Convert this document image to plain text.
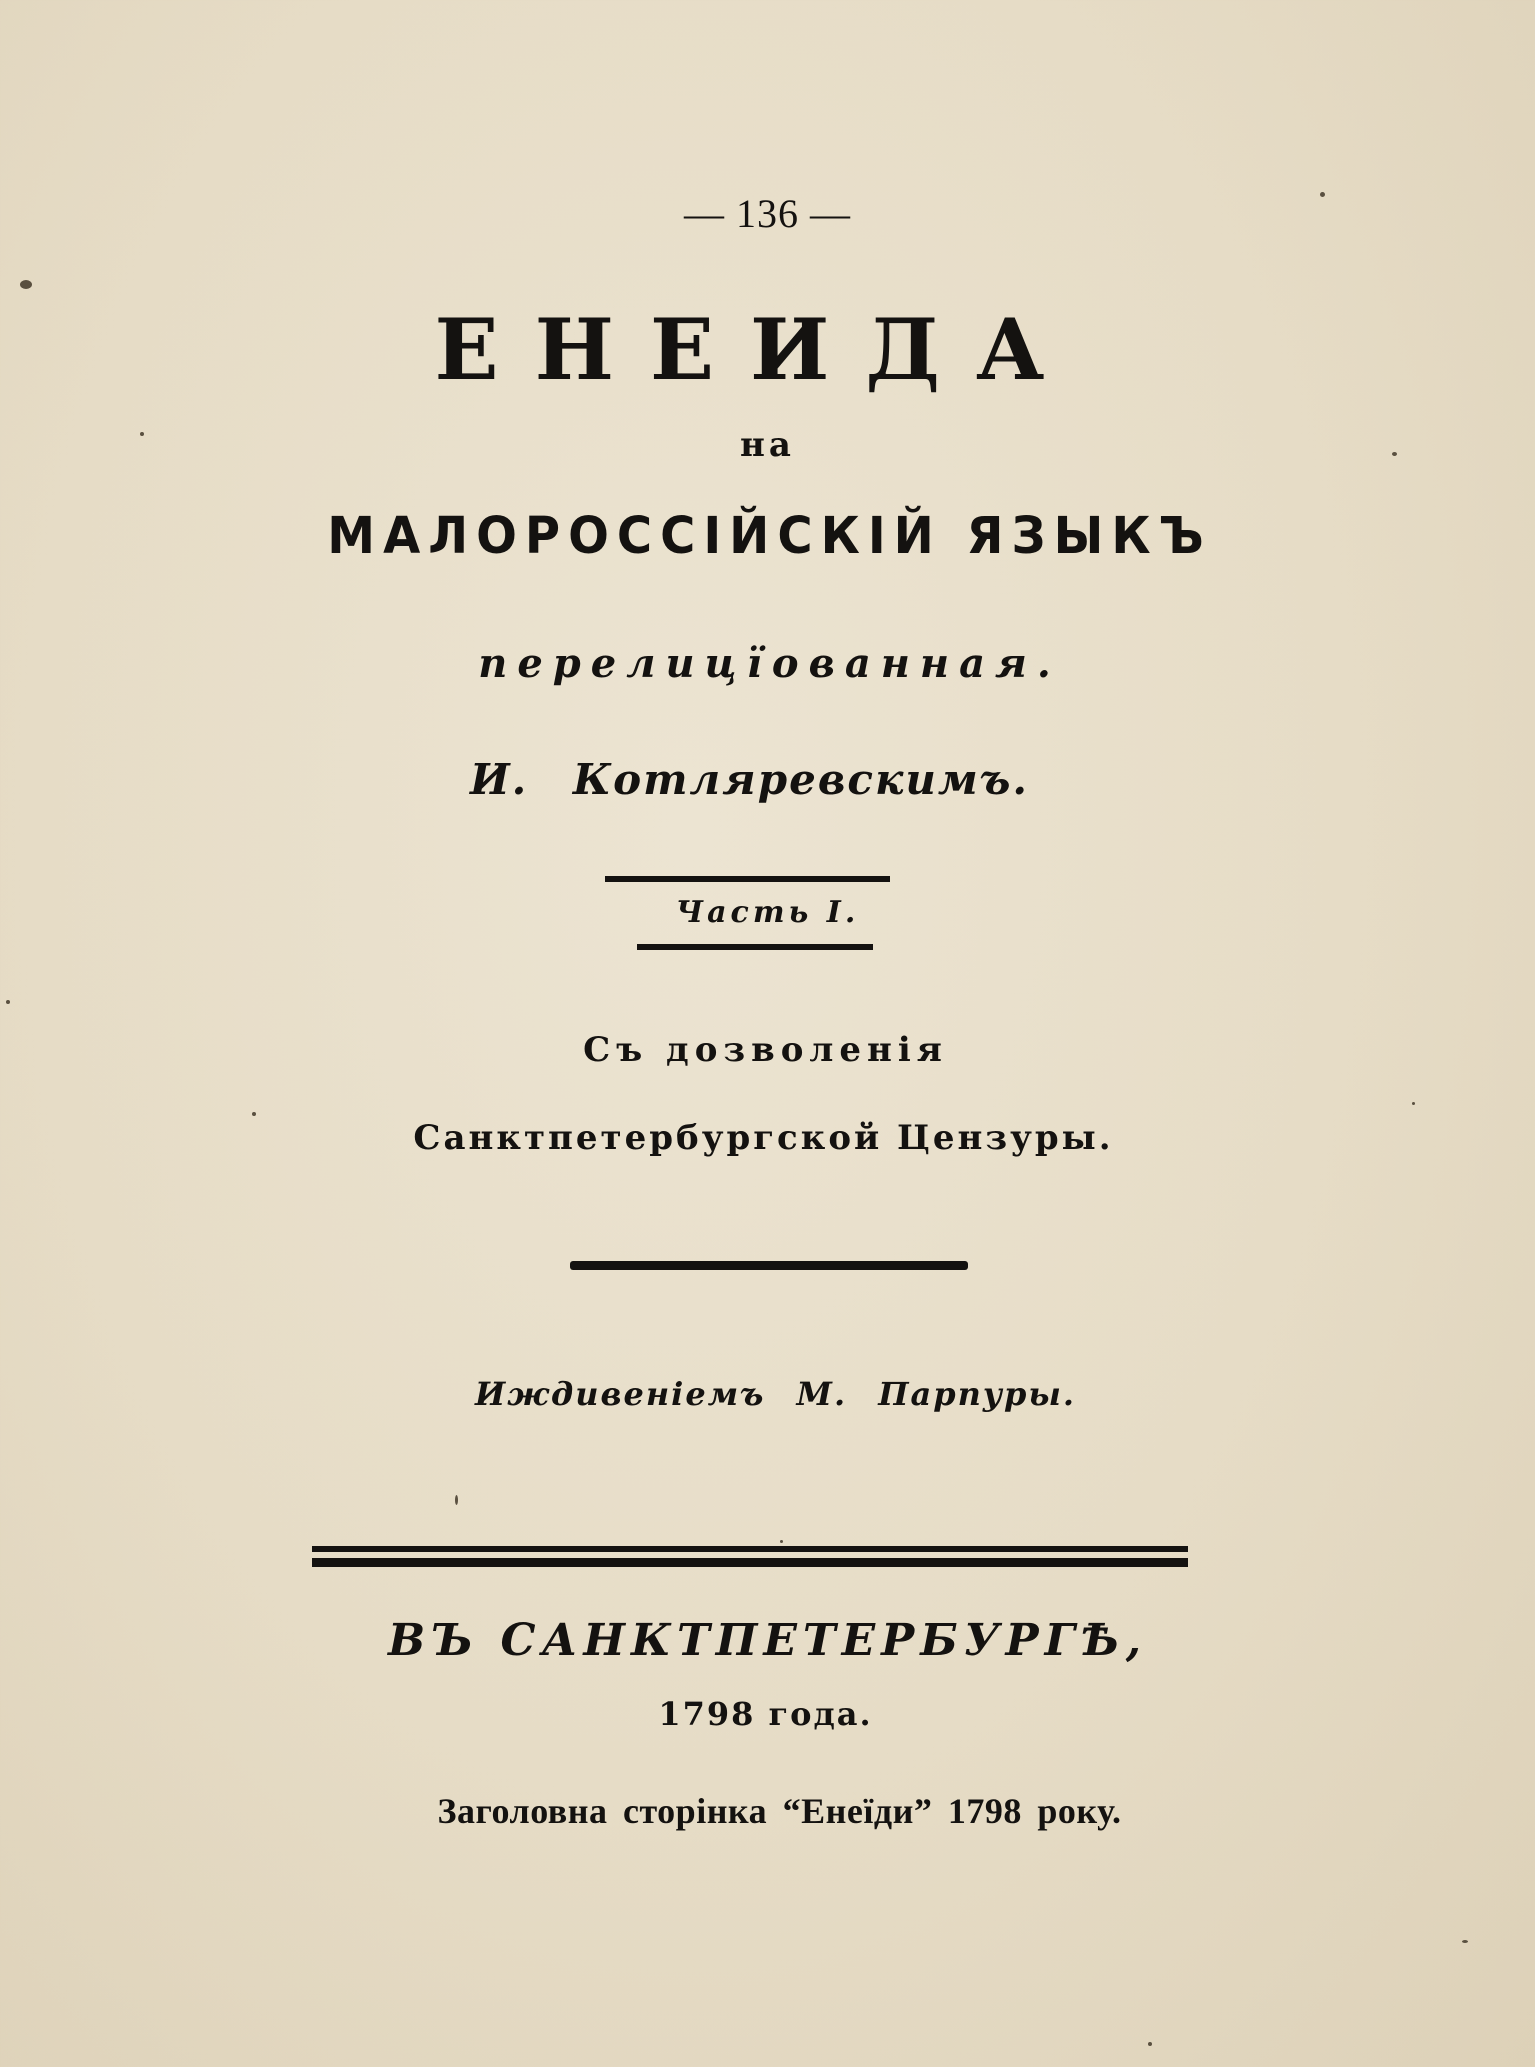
— 136 —
ЕНЕИДА
на
МАЛОРОССІЙСКІЙ ЯЗЫКЪ
перелицїованная.
И. Котляревскимъ.
Часть I.
Съ дозволенія
Санктпетербургской Цензуры.
Иждивеніемъ М. Парпуры.
ВЪ САНКТПЕТЕРБУРГѢ,
1798 года.
Заголовна сторінка “Енеїди” 1798 року.
